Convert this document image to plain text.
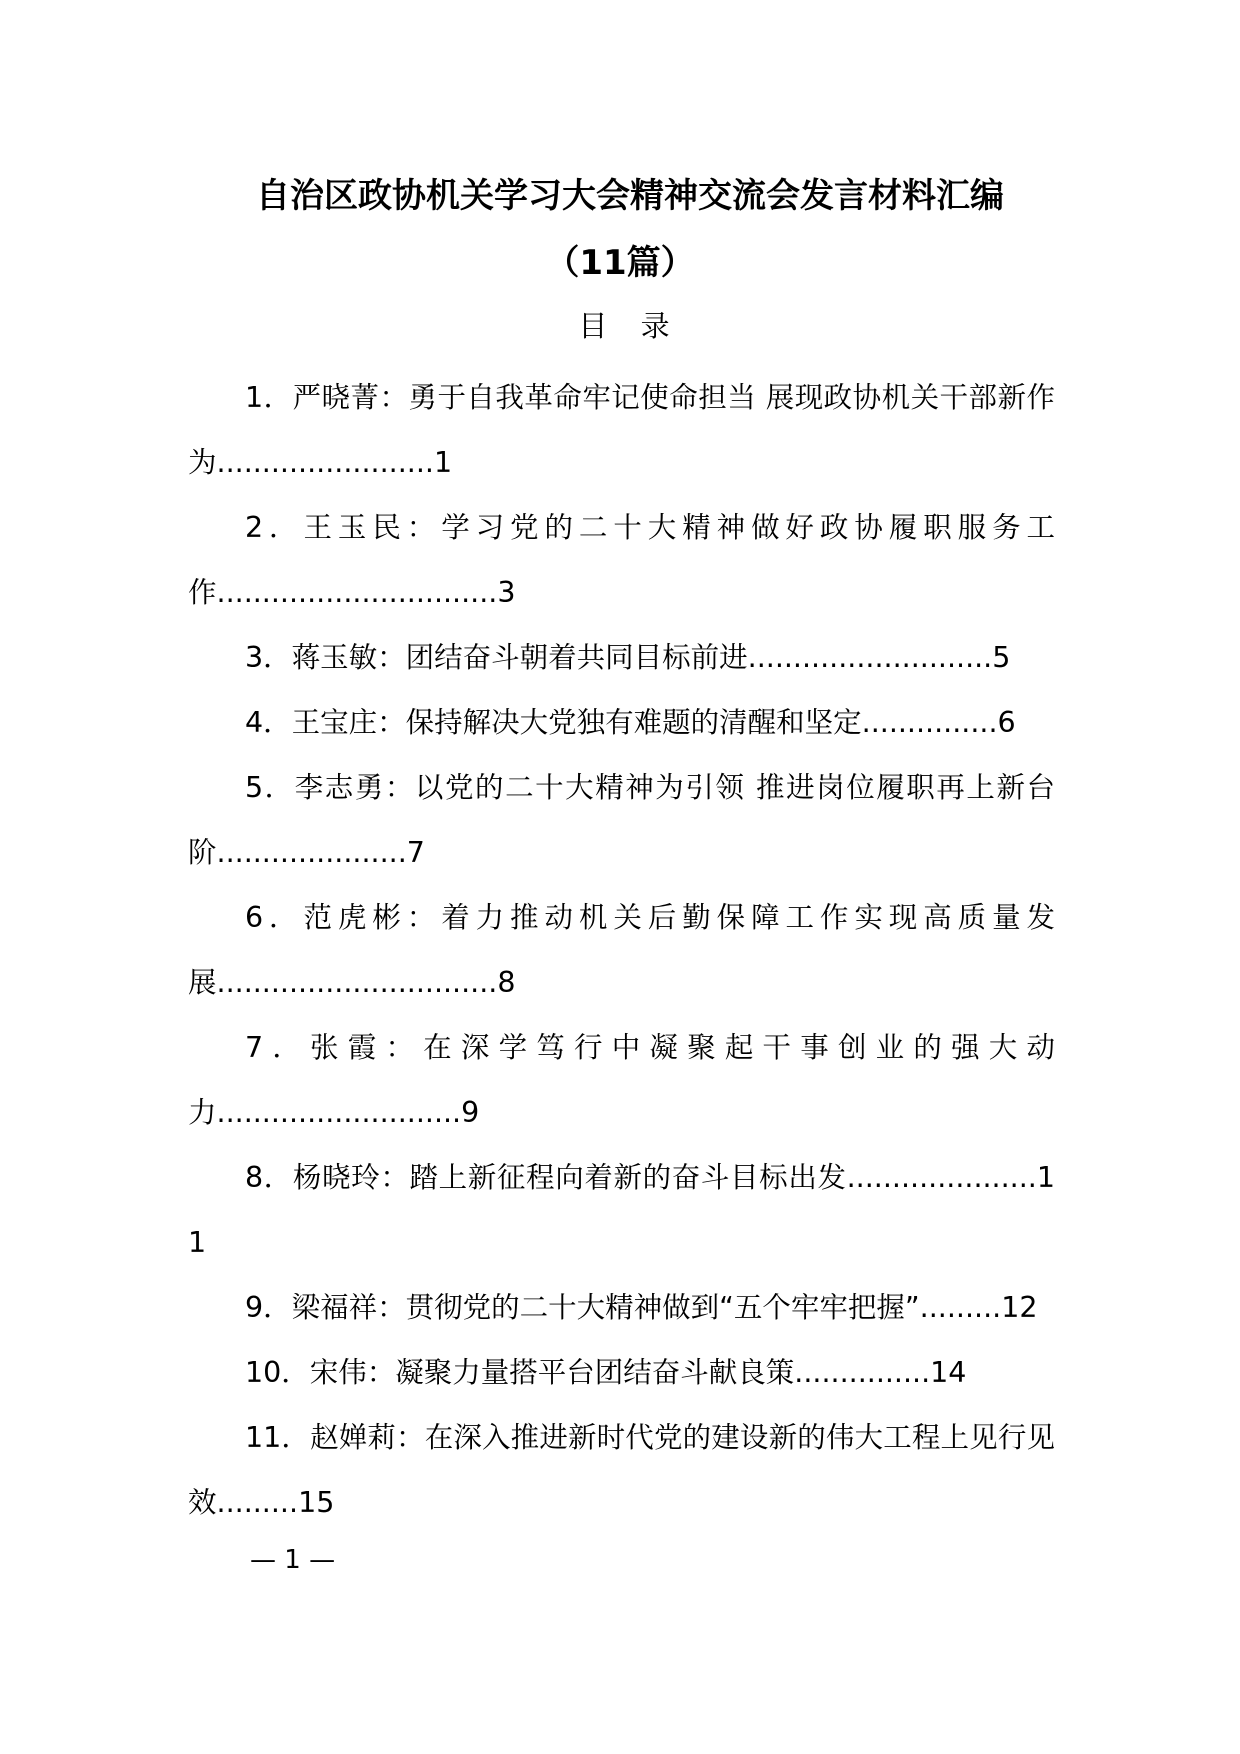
自治区政协机关学习大会精神交流会发言材料汇编
（11篇）
目 录
1．严晓菁：勇于自我革命牢记使命担当 展现政协机关干部新作为........................1
2．王玉民：学习党的二十大精神做好政协履职服务工作...............................3
3．蒋玉敏：团结奋斗朝着共同目标前进...........................5
4．王宝庄：保持解决大党独有难题的清醒和坚定...............6
5．李志勇：以党的二十大精神为引领 推进岗位履职再上新台阶.....................7
6．范虎彬：着力推动机关后勤保障工作实现高质量发展...............................8
7．张霞：在深学笃行中凝聚起干事创业的强大动力...........................9
8．杨晓玲：踏上新征程向着新的奋斗目标出发.....................11
9．梁福祥：贯彻党的二十大精神做到“五个牢牢把握”.........12
10．宋伟：凝聚力量搭平台团结奋斗献良策...............14
11．赵婵莉：在深入推进新时代党的建设新的伟大工程上见行见效.........15
— 1 —
